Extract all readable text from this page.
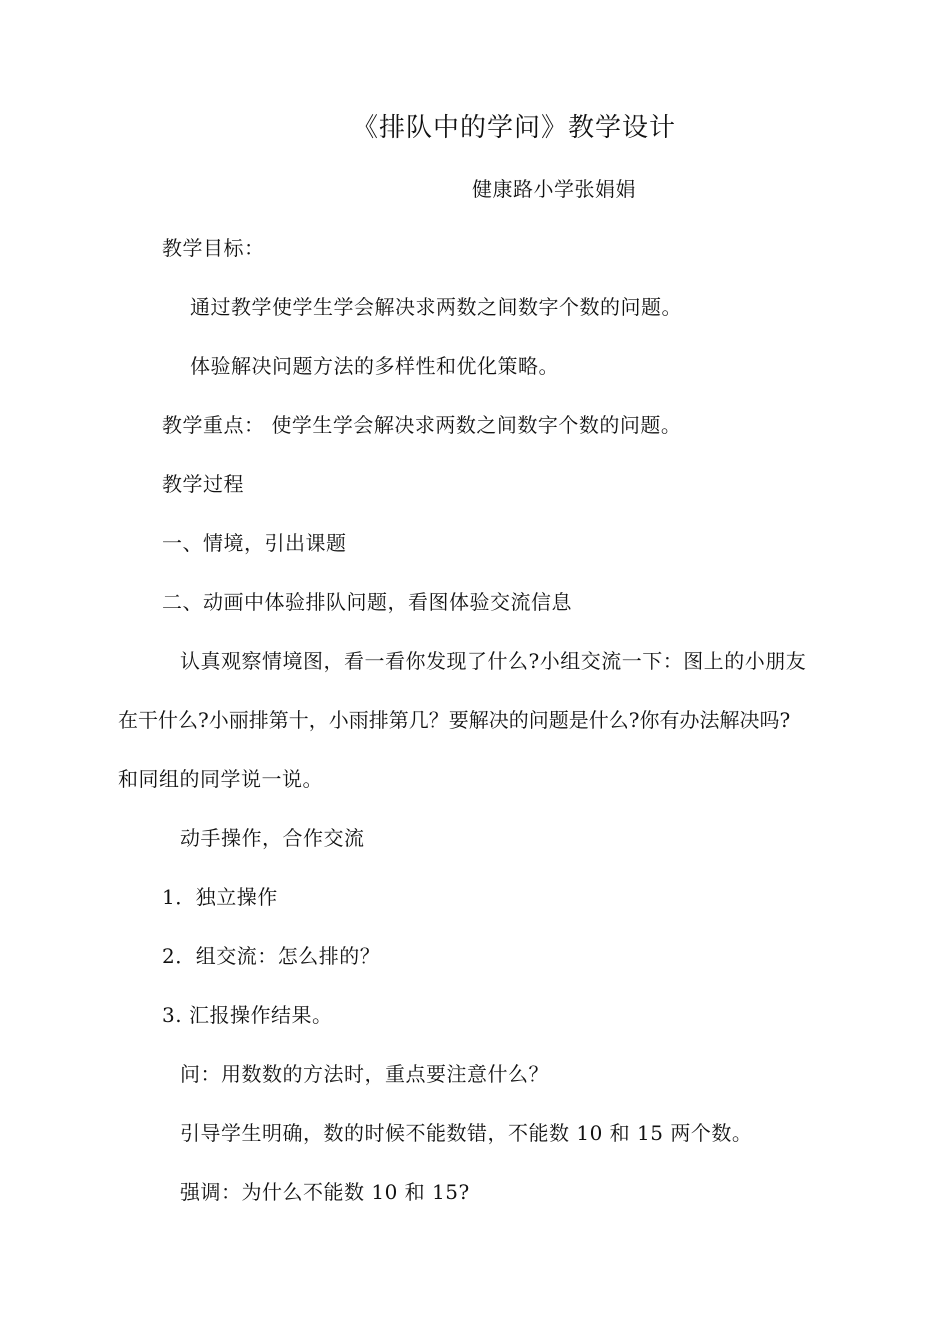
《排队中的学问》教学设计
健康路小学张娟娟
教学目标：
通过教学使学生学会解决求两数之间数字个数的问题。
体验解决问题方法的多样性和优化策略。
教学重点： 使学生学会解决求两数之间数字个数的问题。
教学过程
一、情境，引出课题
二、动画中体验排队问题，看图体验交流信息
认真观察情境图，看一看你发现了什么?小组交流一下：图上的小朋友
在干什么?小丽排第十，小雨排第几？要解决的问题是什么?你有办法解决吗?
和同组的同学说一说。
动手操作，合作交流
1．独立操作
2．组交流：怎么排的？
3. 汇报操作结果。
问：用数数的方法时，重点要注意什么？
引导学生明确，数的时候不能数错，不能数 10 和 15 两个数。
强调：为什么不能数 10 和 15?
